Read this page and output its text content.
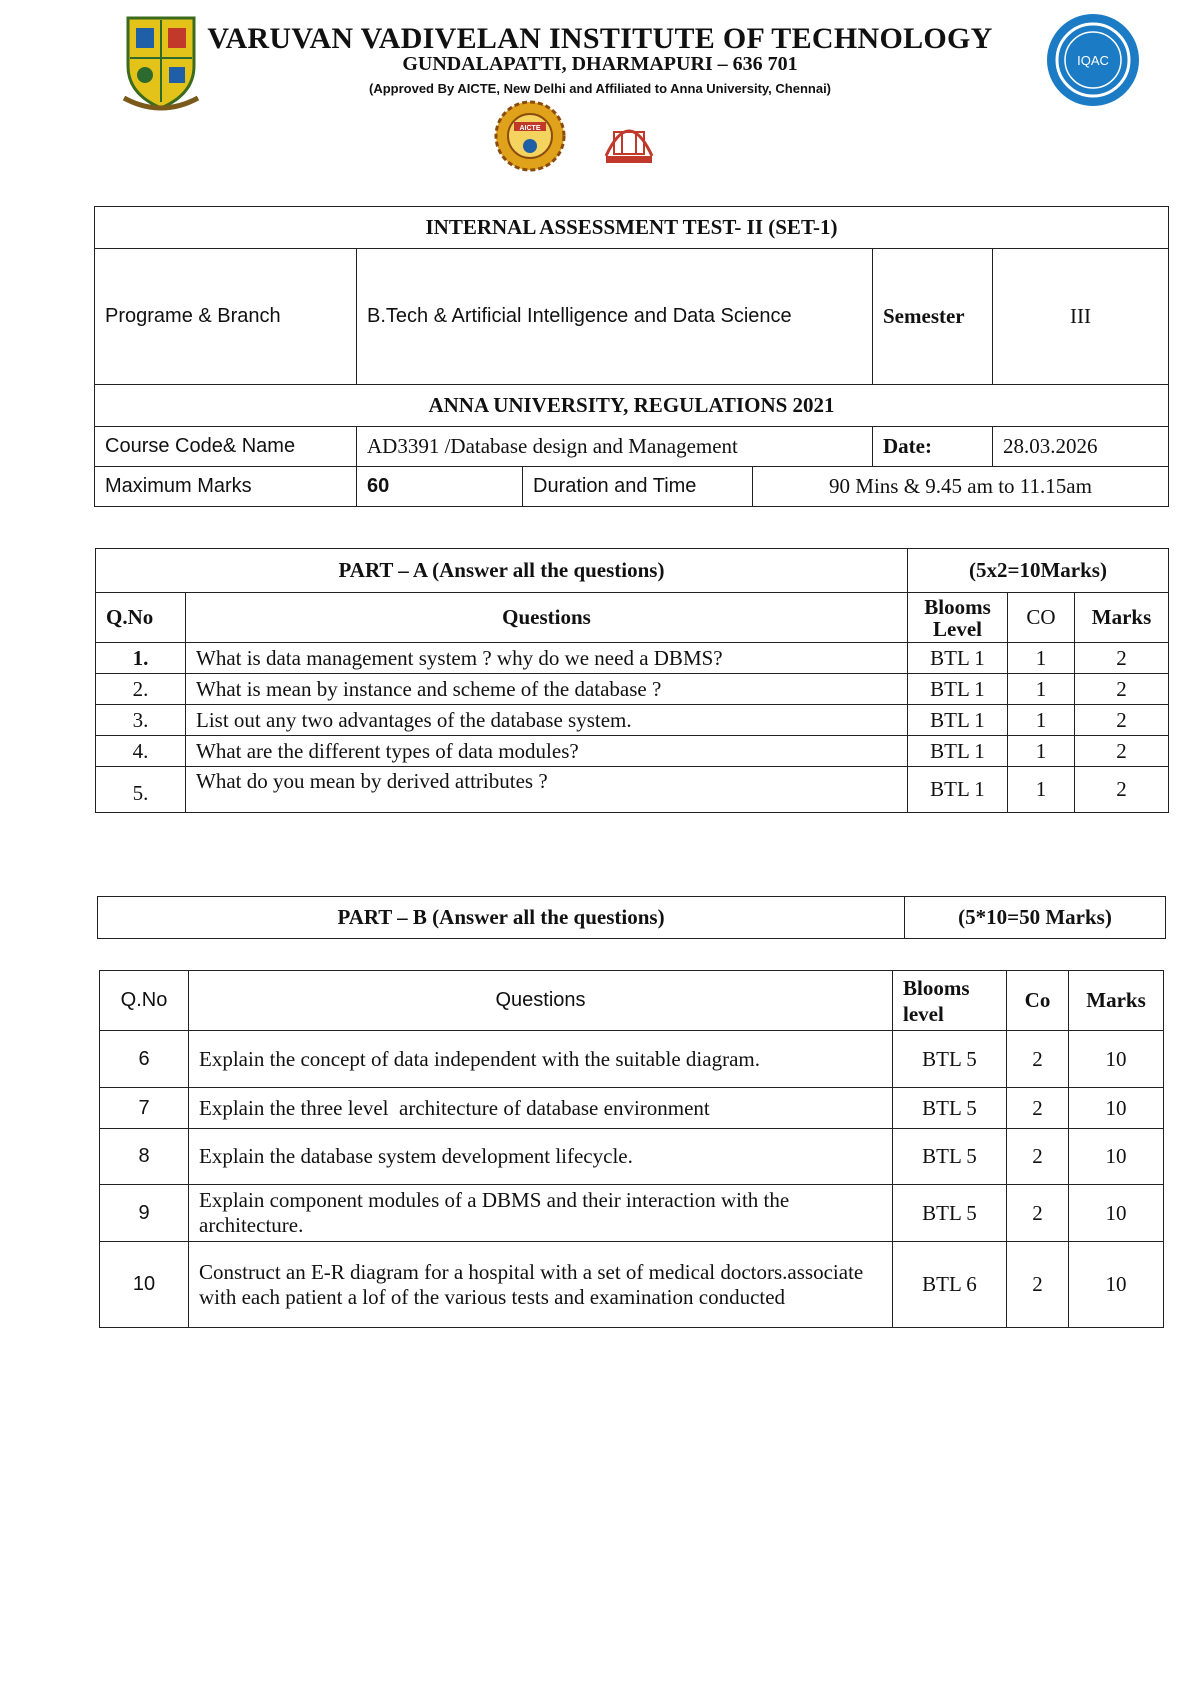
IQAC
AICTE
VARUVAN VADIVELAN INSTITUTE OF TECHNOLOGY
GUNDALAPATTI, DHARMAPURI – 636 701
(Approved By AICTE, New Delhi and Affiliated to Anna University, Chennai)
INTERNAL ASSESSMENT TEST- II (SET-1)					
Programe & Branch	B.Tech & Artificial Intelligence and Data Science			Semester	III
ANNA UNIVERSITY, REGULATIONS 2021					
Course Code& Name	AD3391 /Database design and Management			Date:	28.03.2026
Maximum Marks	60	Duration and Time	90 Mins & 9.45 am to 11.15am		
PART – A (Answer all the questions)		(5x2=10Marks)		
Q.No	Questions	Blooms Level	CO	Marks
1.	What is data management system ? why do we need a DBMS?	BTL 1	1	2
2.	What is mean by instance and scheme of the database ?	BTL 1	1	2
3.	List out any two advantages of the database system.	BTL 1	1	2
4.	What are the different types of data modules?	BTL 1	1	2
5.	What do you mean by derived attributes ?	BTL 1	1	2
PART – B (Answer all the questions)	(5*10=50 Marks)
Q.No	Questions	Blooms level	Co	Marks
6	Explain the concept of data independent with the suitable diagram.	BTL 5	2	10
7	Explain the three level  architecture of database environment	BTL 5	2	10
8	Explain the database system development lifecycle.	BTL 5	2	10
9	Explain component modules of a DBMS and their interaction with the architecture.	BTL 5	2	10
10	Construct an E-R diagram for a hospital with a set of medical doctors.associate with each patient a lof of the various tests and examination conducted	BTL 6	2	10
